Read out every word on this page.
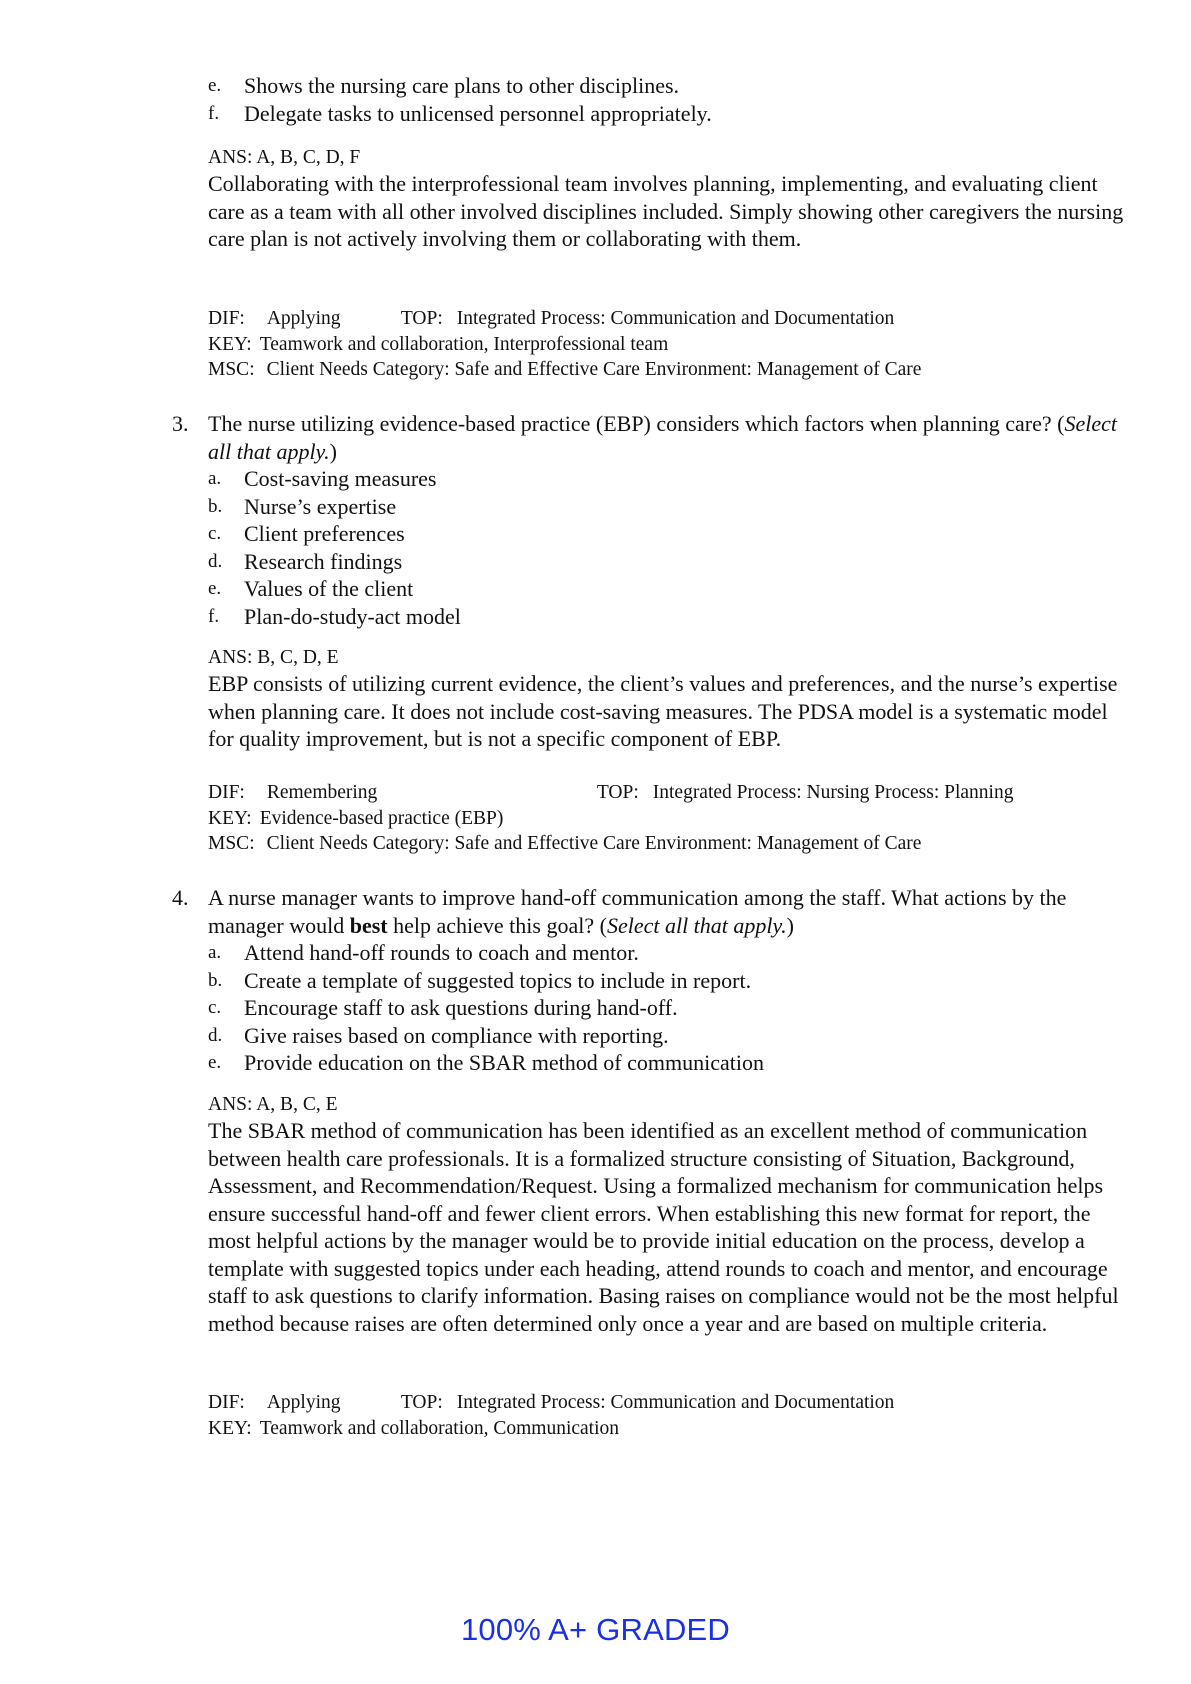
e. Shows the nursing care plans to other disciplines.
f. Delegate tasks to unlicensed personnel appropriately.
ANS: A, B, C, D, F
Collaborating with the interprofessional team involves planning, implementing, and evaluating client care as a team with all other involved disciplines included. Simply showing other caregivers the nursing care plan is not actively involving them or collaborating with them.
DIF: Applying	TOP: Integrated Process: Communication and Documentation
KEY: Teamwork and collaboration, Interprofessional team
MSC: Client Needs Category: Safe and Effective Care Environment: Management of Care
3. The nurse utilizing evidence-based practice (EBP) considers which factors when planning care? (Select all that apply.)
a. Cost-saving measures
b. Nurse’s expertise
c. Client preferences
d. Research findings
e. Values of the client
f. Plan-do-study-act model
ANS: B, C, D, E
EBP consists of utilizing current evidence, the client’s values and preferences, and the nurse’s expertise when planning care. It does not include cost-saving measures. The PDSA model is a systematic model for quality improvement, but is not a specific component of EBP.
DIF: Remembering	TOP: Integrated Process: Nursing Process: Planning
KEY: Evidence-based practice (EBP)
MSC: Client Needs Category: Safe and Effective Care Environment: Management of Care
4. A nurse manager wants to improve hand-off communication among the staff. What actions by the manager would best help achieve this goal? (Select all that apply.)
a. Attend hand-off rounds to coach and mentor.
b. Create a template of suggested topics to include in report.
c. Encourage staff to ask questions during hand-off.
d. Give raises based on compliance with reporting.
e. Provide education on the SBAR method of communication
ANS: A, B, C, E
The SBAR method of communication has been identified as an excellent method of communication between health care professionals. It is a formalized structure consisting of Situation, Background, Assessment, and Recommendation/Request. Using a formalized mechanism for communication helps ensure successful hand-off and fewer client errors. When establishing this new format for report, the most helpful actions by the manager would be to provide initial education on the process, develop a template with suggested topics under each heading, attend rounds to coach and mentor, and encourage staff to ask questions to clarify information. Basing raises on compliance would not be the most helpful method because raises are often determined only once a year and are based on multiple criteria.
DIF: Applying	TOP: Integrated Process: Communication and Documentation
KEY: Teamwork and collaboration, Communication
100% A+ GRADED
